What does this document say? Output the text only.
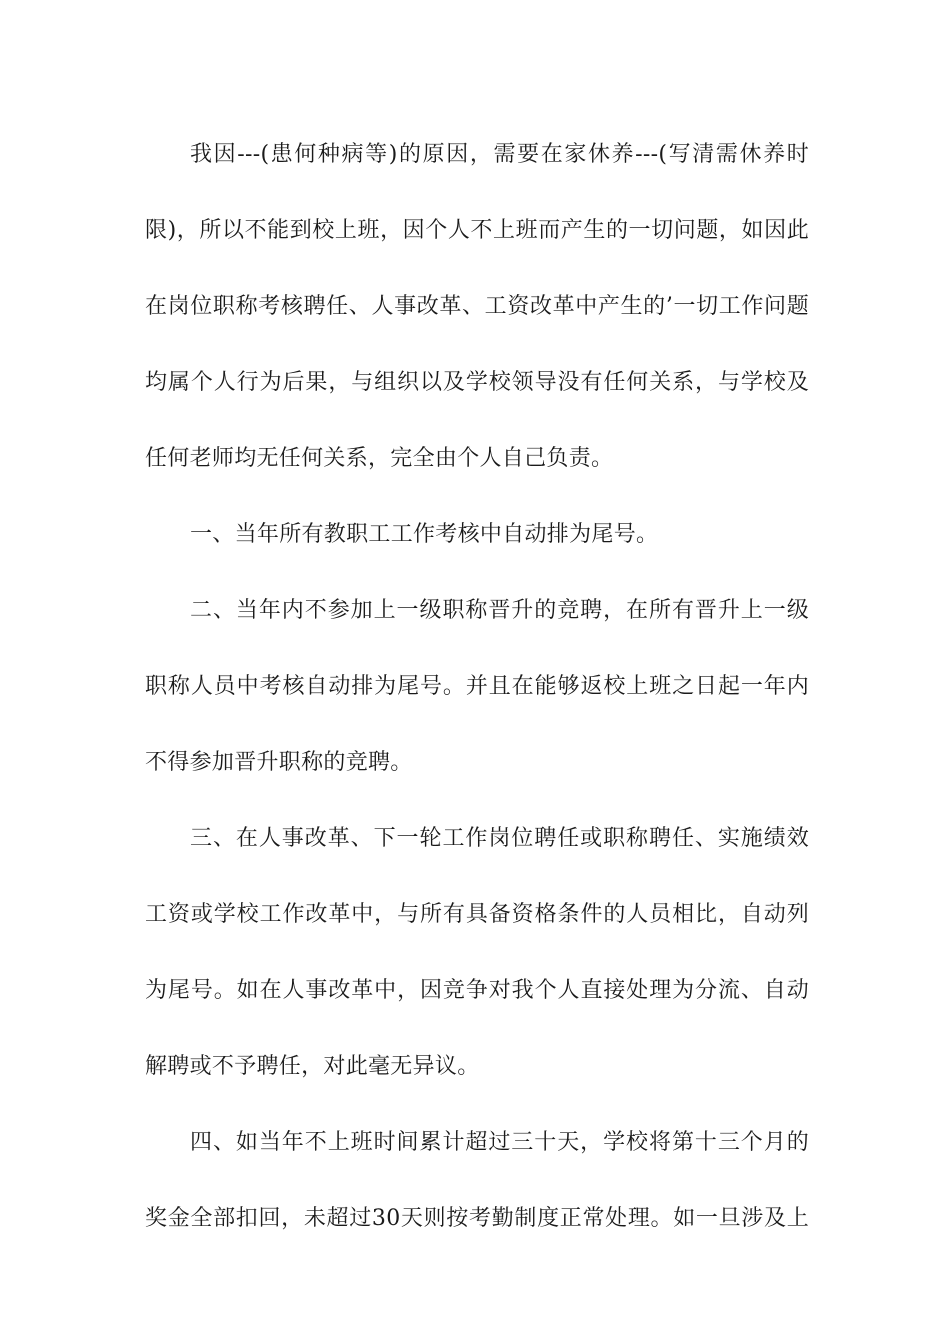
我因---(患何种病等)的原因，需要在家休养---(写清需休养时
限)，所以不能到校上班，因个人不上班而产生的一切问题，如因此
在岗位职称考核聘任、人事改革、工资改革中产生的’一切工作问题
均属个人行为后果，与组织以及学校领导没有任何关系，与学校及
任何老师均无任何关系，完全由个人自己负责。
一、当年所有教职工工作考核中自动排为尾号。
二、当年内不参加上一级职称晋升的竞聘，在所有晋升上一级
职称人员中考核自动排为尾号。并且在能够返校上班之日起一年内
不得参加晋升职称的竞聘。
三、在人事改革、下一轮工作岗位聘任或职称聘任、实施绩效
工资或学校工作改革中，与所有具备资格条件的人员相比，自动列
为尾号。如在人事改革中，因竞争对我个人直接处理为分流、自动
解聘或不予聘任，对此毫无异议。
四、如当年不上班时间累计超过三十天，学校将第十三个月的
奖金全部扣回，未超过30天则按考勤制度正常处理。如一旦涉及上
